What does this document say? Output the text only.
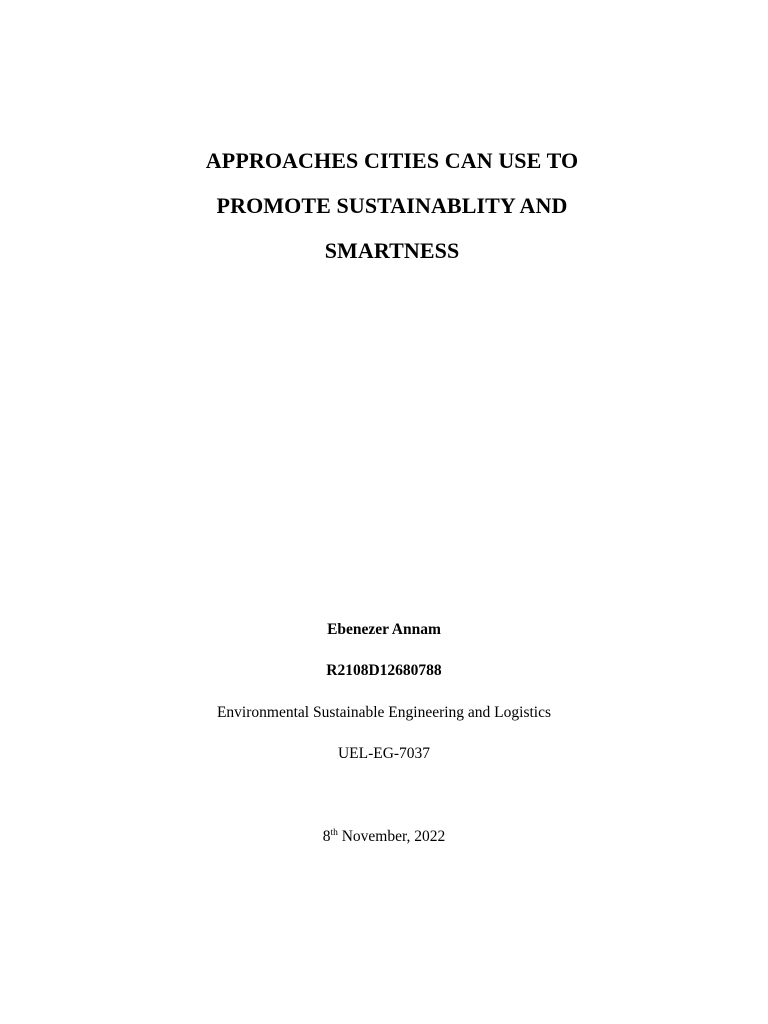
APPROACHES CITIES CAN USE TO
PROMOTE SUSTAINABLITY AND
SMARTNESS
Ebenezer Annam
R2108D12680788
Environmental Sustainable Engineering and Logistics
UEL-EG-7037
8th November, 2022
